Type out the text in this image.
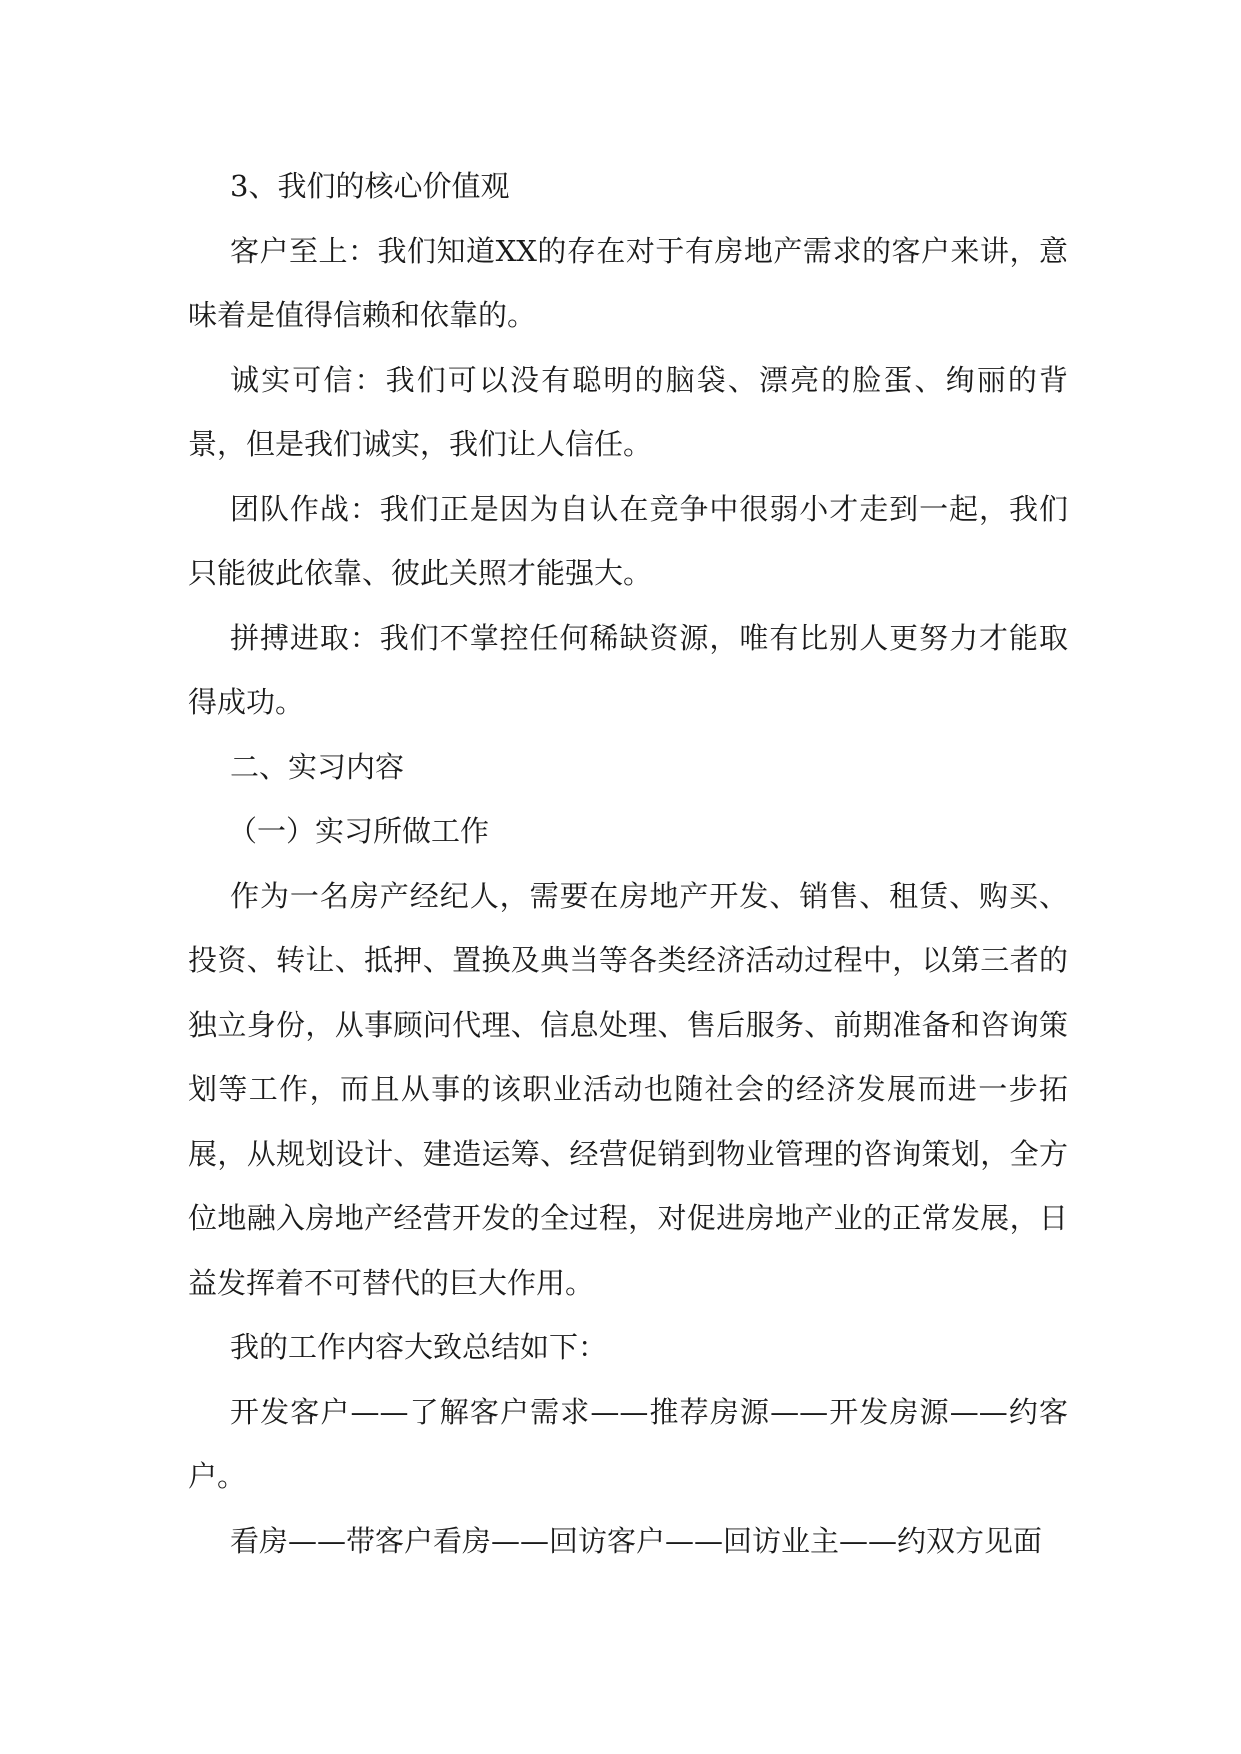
3、我们的核心价值观

客户至上：我们知道XX的存在对于有房地产需求的客户来讲，意味着是值得信赖和依靠的。

诚实可信：我们可以没有聪明的脑袋、漂亮的脸蛋、绚丽的背景，但是我们诚实，我们让人信任。

团队作战：我们正是因为自认在竞争中很弱小才走到一起，我们只能彼此依靠、彼此关照才能强大。

拼搏进取：我们不掌控任何稀缺资源，唯有比别人更努力才能取得成功。

二、实习内容

（一）实习所做工作

作为一名房产经纪人，需要在房地产开发、销售、租赁、购买、投资、转让、抵押、置换及典当等各类经济活动过程中，以第三者的独立身份，从事顾问代理、信息处理、售后服务、前期准备和咨询策划等工作，而且从事的该职业活动也随社会的经济发展而进一步拓展，从规划设计、建造运筹、经营促销到物业管理的咨询策划，全方位地融入房地产经营开发的全过程，对促进房地产业的正常发展，日益发挥着不可替代的巨大作用。

我的工作内容大致总结如下：

开发客户——了解客户需求——推荐房源——开发房源——约客户。

看房——带客户看房——回访客户——回访业主——约双方见面
